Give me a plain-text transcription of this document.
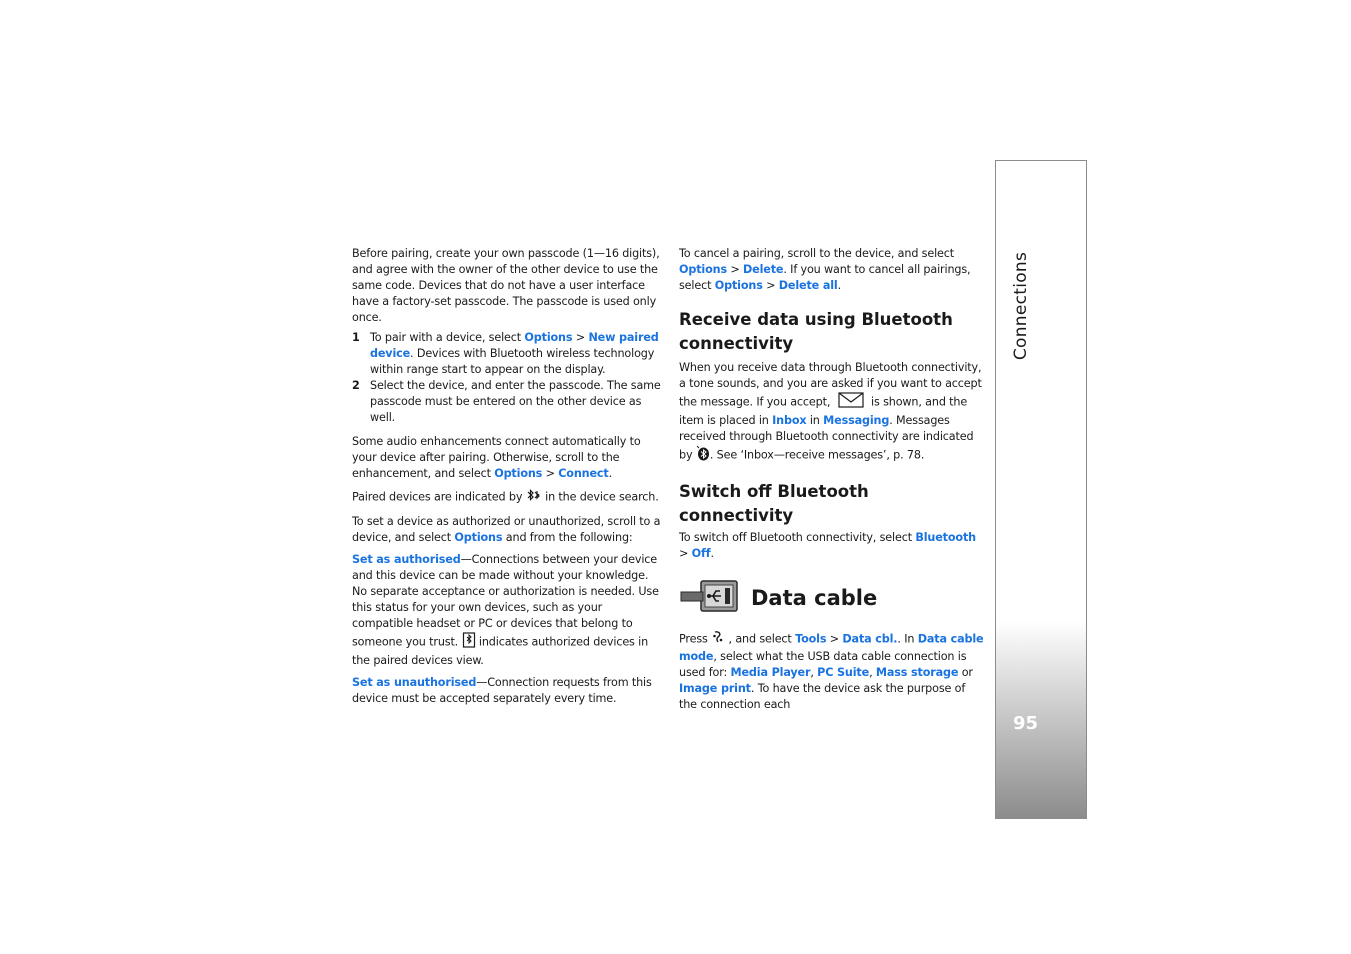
Before pairing, create your own passcode (1—16 digits), and agree with the owner of the other device to use the same code. Devices that do not have a user interface have a factory-set passcode. The passcode is used only once.

1 To pair with a device, select Options > New paired device. Devices with Bluetooth wireless technology within range start to appear on the display.
2 Select the device, and enter the passcode. The same passcode must be entered on the other device as well.

Some audio enhancements connect automatically to your device after pairing. Otherwise, scroll to the enhancement, and select Options > Connect.

Paired devices are indicated by  in the device search.

To set a device as authorized or unauthorized, scroll to a device, and select Options and from the following:

Set as authorised—Connections between your device and this device can be made without your knowledge. No separate acceptance or authorization is needed. Use this status for your own devices, such as your compatible headset or PC or devices that belong to someone you trust.  indicates authorized devices in the paired devices view.

Set as unauthorised—Connection requests from this device must be accepted separately every time.

To cancel a pairing, scroll to the device, and select Options > Delete. If you want to cancel all pairings, select Options > Delete all.

Receive data using Bluetooth connectivity

When you receive data through Bluetooth connectivity, a tone sounds, and you are asked if you want to accept the message. If you accept,	is shown, and the item is placed in Inbox in Messaging. Messages received through Bluetooth connectivity are indicated by . See ‘Inbox—receive messages’, p. 78.

Switch off Bluetooth connectivity

To switch off Bluetooth connectivity, select Bluetooth > Off.

Data cable

Press  , and select Tools > Data cbl.. In Data cable mode, select what the USB data cable connection is used for: Media Player, PC Suite, Mass storage or Image print. To have the device ask the purpose of the connection each

Connections
95
